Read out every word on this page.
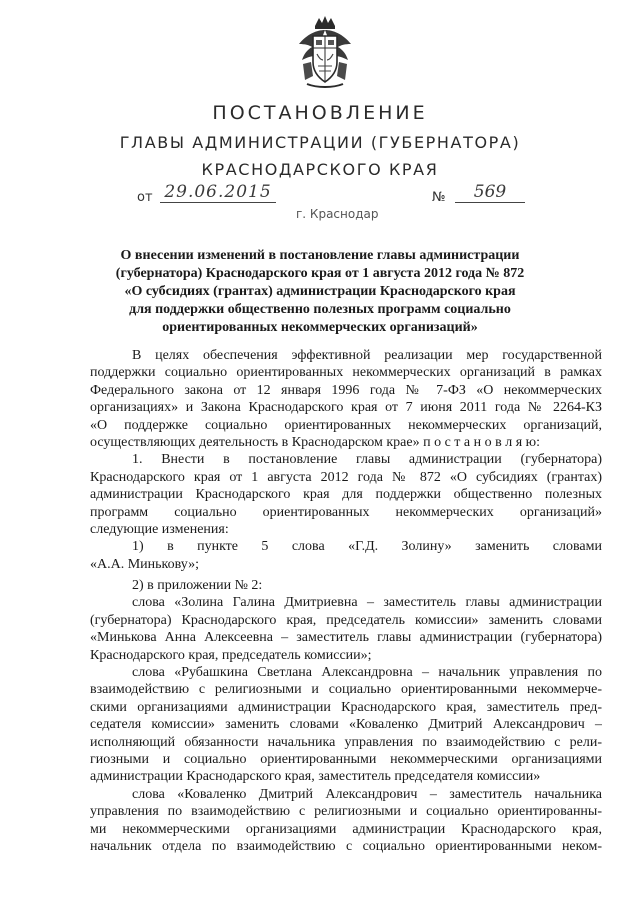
ПОСТАНОВЛЕНИЕ
ГЛАВЫ АДМИНИСТРАЦИИ (ГУБЕРНАТОРА)
КРАСНОДАРСКОГО КРАЯ
от 29.06.2015	№	569
г. Краснодар
О внесении изменений в постановление главы администрации
(губернатора) Краснодарского края от 1 августа 2012 года № 872
«О субсидиях (грантах) администрации Краснодарского края
для поддержки общественно полезных программ социально
ориентированных некоммерческих организаций»
В целях обеспечения эффективной реализации мер государственной
поддержки социально ориентированных некоммерческих организаций в рамках
Федерального закона от 12 января 1996 года № 7-ФЗ «О некоммерческих
организациях» и Закона Краснодарского края от 7 июня 2011 года № 2264-КЗ
«О поддержке социально ориентированных некоммерческих организаций,
осуществляющих деятельность в Краснодарском крае» п о с т а н о в л я ю:
1. Внести в постановление главы администрации (губернатора)
Краснодарского края от 1 августа 2012 года № 872 «О субсидиях (грантах)
администрации Краснодарского края для поддержки общественно полезных
программ социально ориентированных некоммерческих организаций»
следующие изменения:
1) в пункте 5 слова «Г.Д. Золину» заменить словами
«А.А. Минькову»;
2) в приложении № 2:
слова «Золина Галина Дмитриевна – заместитель главы администрации
(губернатора) Краснодарского края, председатель комиссии» заменить словами
«Минькова Анна Алексеевна – заместитель главы администрации (губернатора)
Краснодарского края, председатель комиссии»;
слова «Рубашкина Светлана Александровна – начальник управления по
взаимодействию с религиозными и социально ориентированными некоммерче-
скими организациями администрации Краснодарского края, заместитель пред-
седателя комиссии» заменить словами «Коваленко Дмитрий Александрович –
исполняющий обязанности начальника управления по взаимодействию с рели-
гиозными и социально ориентированными некоммерческими организациями
администрации Краснодарского края, заместитель председателя комиссии»
слова «Коваленко Дмитрий Александрович – заместитель начальника
управления по взаимодействию с религиозными и социально ориентированны-
ми некоммерческими организациями администрации Краснодарского края,
начальник отдела по взаимодействию с социально ориентированными неком-
